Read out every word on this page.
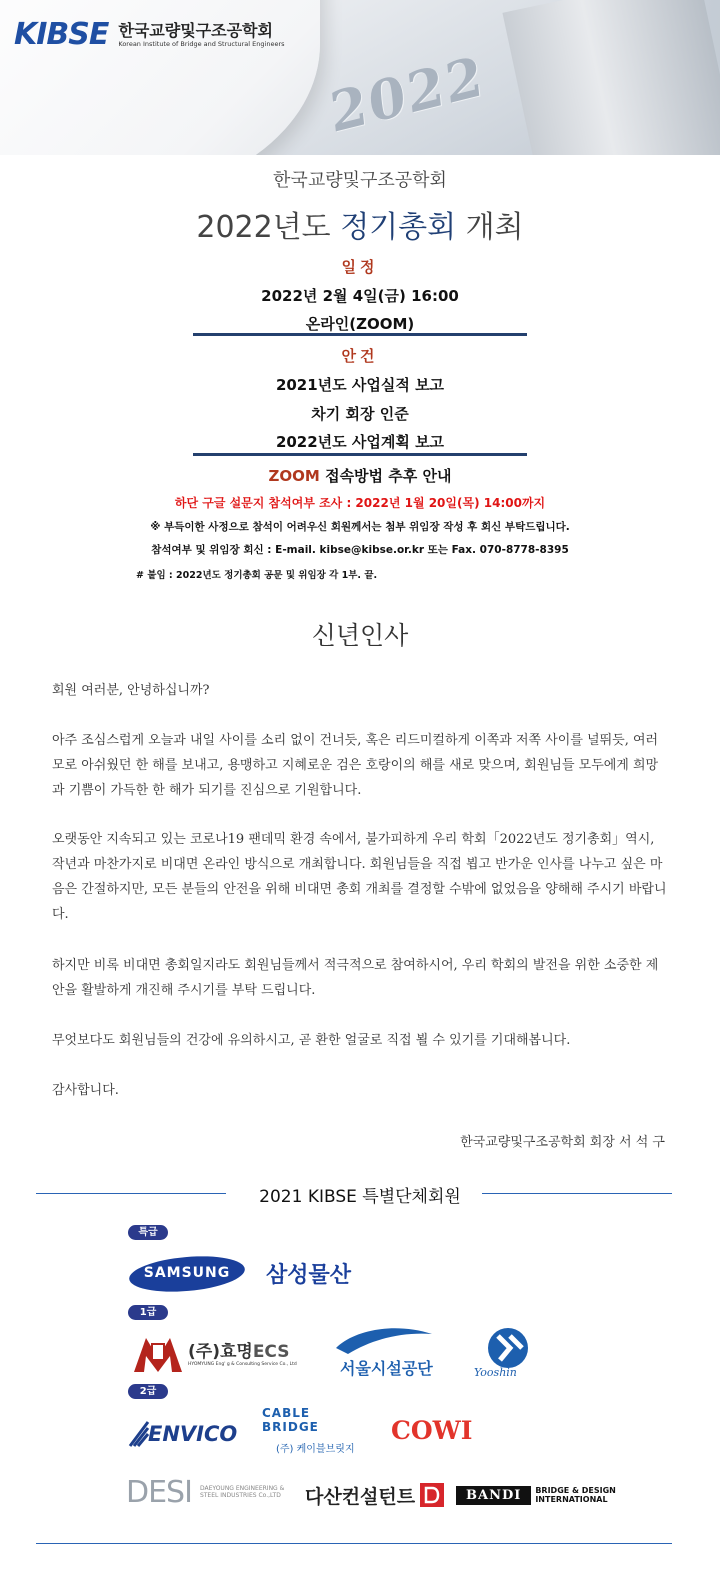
2022
KIBSE 한국교량및구조공학회
Korean Institute of Bridge and Structural Engineers
한국교량및구조공학회
2022년도 정기총회 개최
일정
2022년 2월 4일(금) 16:00
온라인(ZOOM)
안건
2021년도 사업실적 보고
차기 회장 인준
2022년도 사업계획 보고
ZOOM 접속방법 추후 안내
하단 구글 설문지 참석여부 조사 : 2022년 1월 20일(목) 14:00까지
※ 부득이한 사정으로 참석이 어려우신 회원께서는 첨부 위임장 작성 후 회신 부탁드립니다.
참석여부 및 위임장 회신 : E-mail. kibse@kibse.or.kr 또는 Fax. 070-8778-8395
# 붙임 : 2022년도 정기총회 공문 및 위임장 각 1부. 끝.
신년인사
회원 여러분, 안녕하십니까?
아주 조심스럽게 오늘과 내일 사이를 소리 없이 건너듯, 혹은 리드미컬하게 이쪽과 저쪽 사이를 널뛰듯, 여러모로 아쉬웠던 한 해를 보내고, 용맹하고 지혜로운 검은 호랑이의 해를 새로 맞으며, 회원님들 모두에게 희망과 기쁨이 가득한 한 해가 되기를 진심으로 기원합니다.
오랫동안 지속되고 있는 코로나19 팬데믹 환경 속에서, 불가피하게 우리 학회「2022년도 정기총회」역시, 작년과 마찬가지로 비대면 온라인 방식으로 개최합니다. 회원님들을 직접 뵙고 반가운 인사를 나누고 싶은 마음은 간절하지만, 모든 분들의 안전을 위해 비대면 총회 개최를 결정할 수밖에 없었음을 양해해 주시기 바랍니다.
하지만 비록 비대면 총회일지라도 회원님들께서 적극적으로 참여하시어, 우리 학회의 발전을 위한 소중한 제안을 활발하게 개진해 주시기를 부탁 드립니다.
무엇보다도 회원님들의 건강에 유의하시고, 곧 환한 얼굴로 직접 뵐 수 있기를 기대해봅니다.
감사합니다.
한국교량및구조공학회 회장 서 석 구
2021 KIBSE 특별단체회원
특급
SAMSUNG	삼성물산
1급
(주)효명ECS
HYOMYUNG Eng' g & Consulting Service Co., Ltd	서울시설공단	Yooshin
2급
ENVICO
CABLE BRIDGE
(주) 케이블브릿지
COWI
DESI DAEYOUNG ENGINEERING &
STEEL INDUSTRIES Co.,LTD 다산컨설턴트	BANDI	BRIDGE & DESIGN
INTERNATIONAL
